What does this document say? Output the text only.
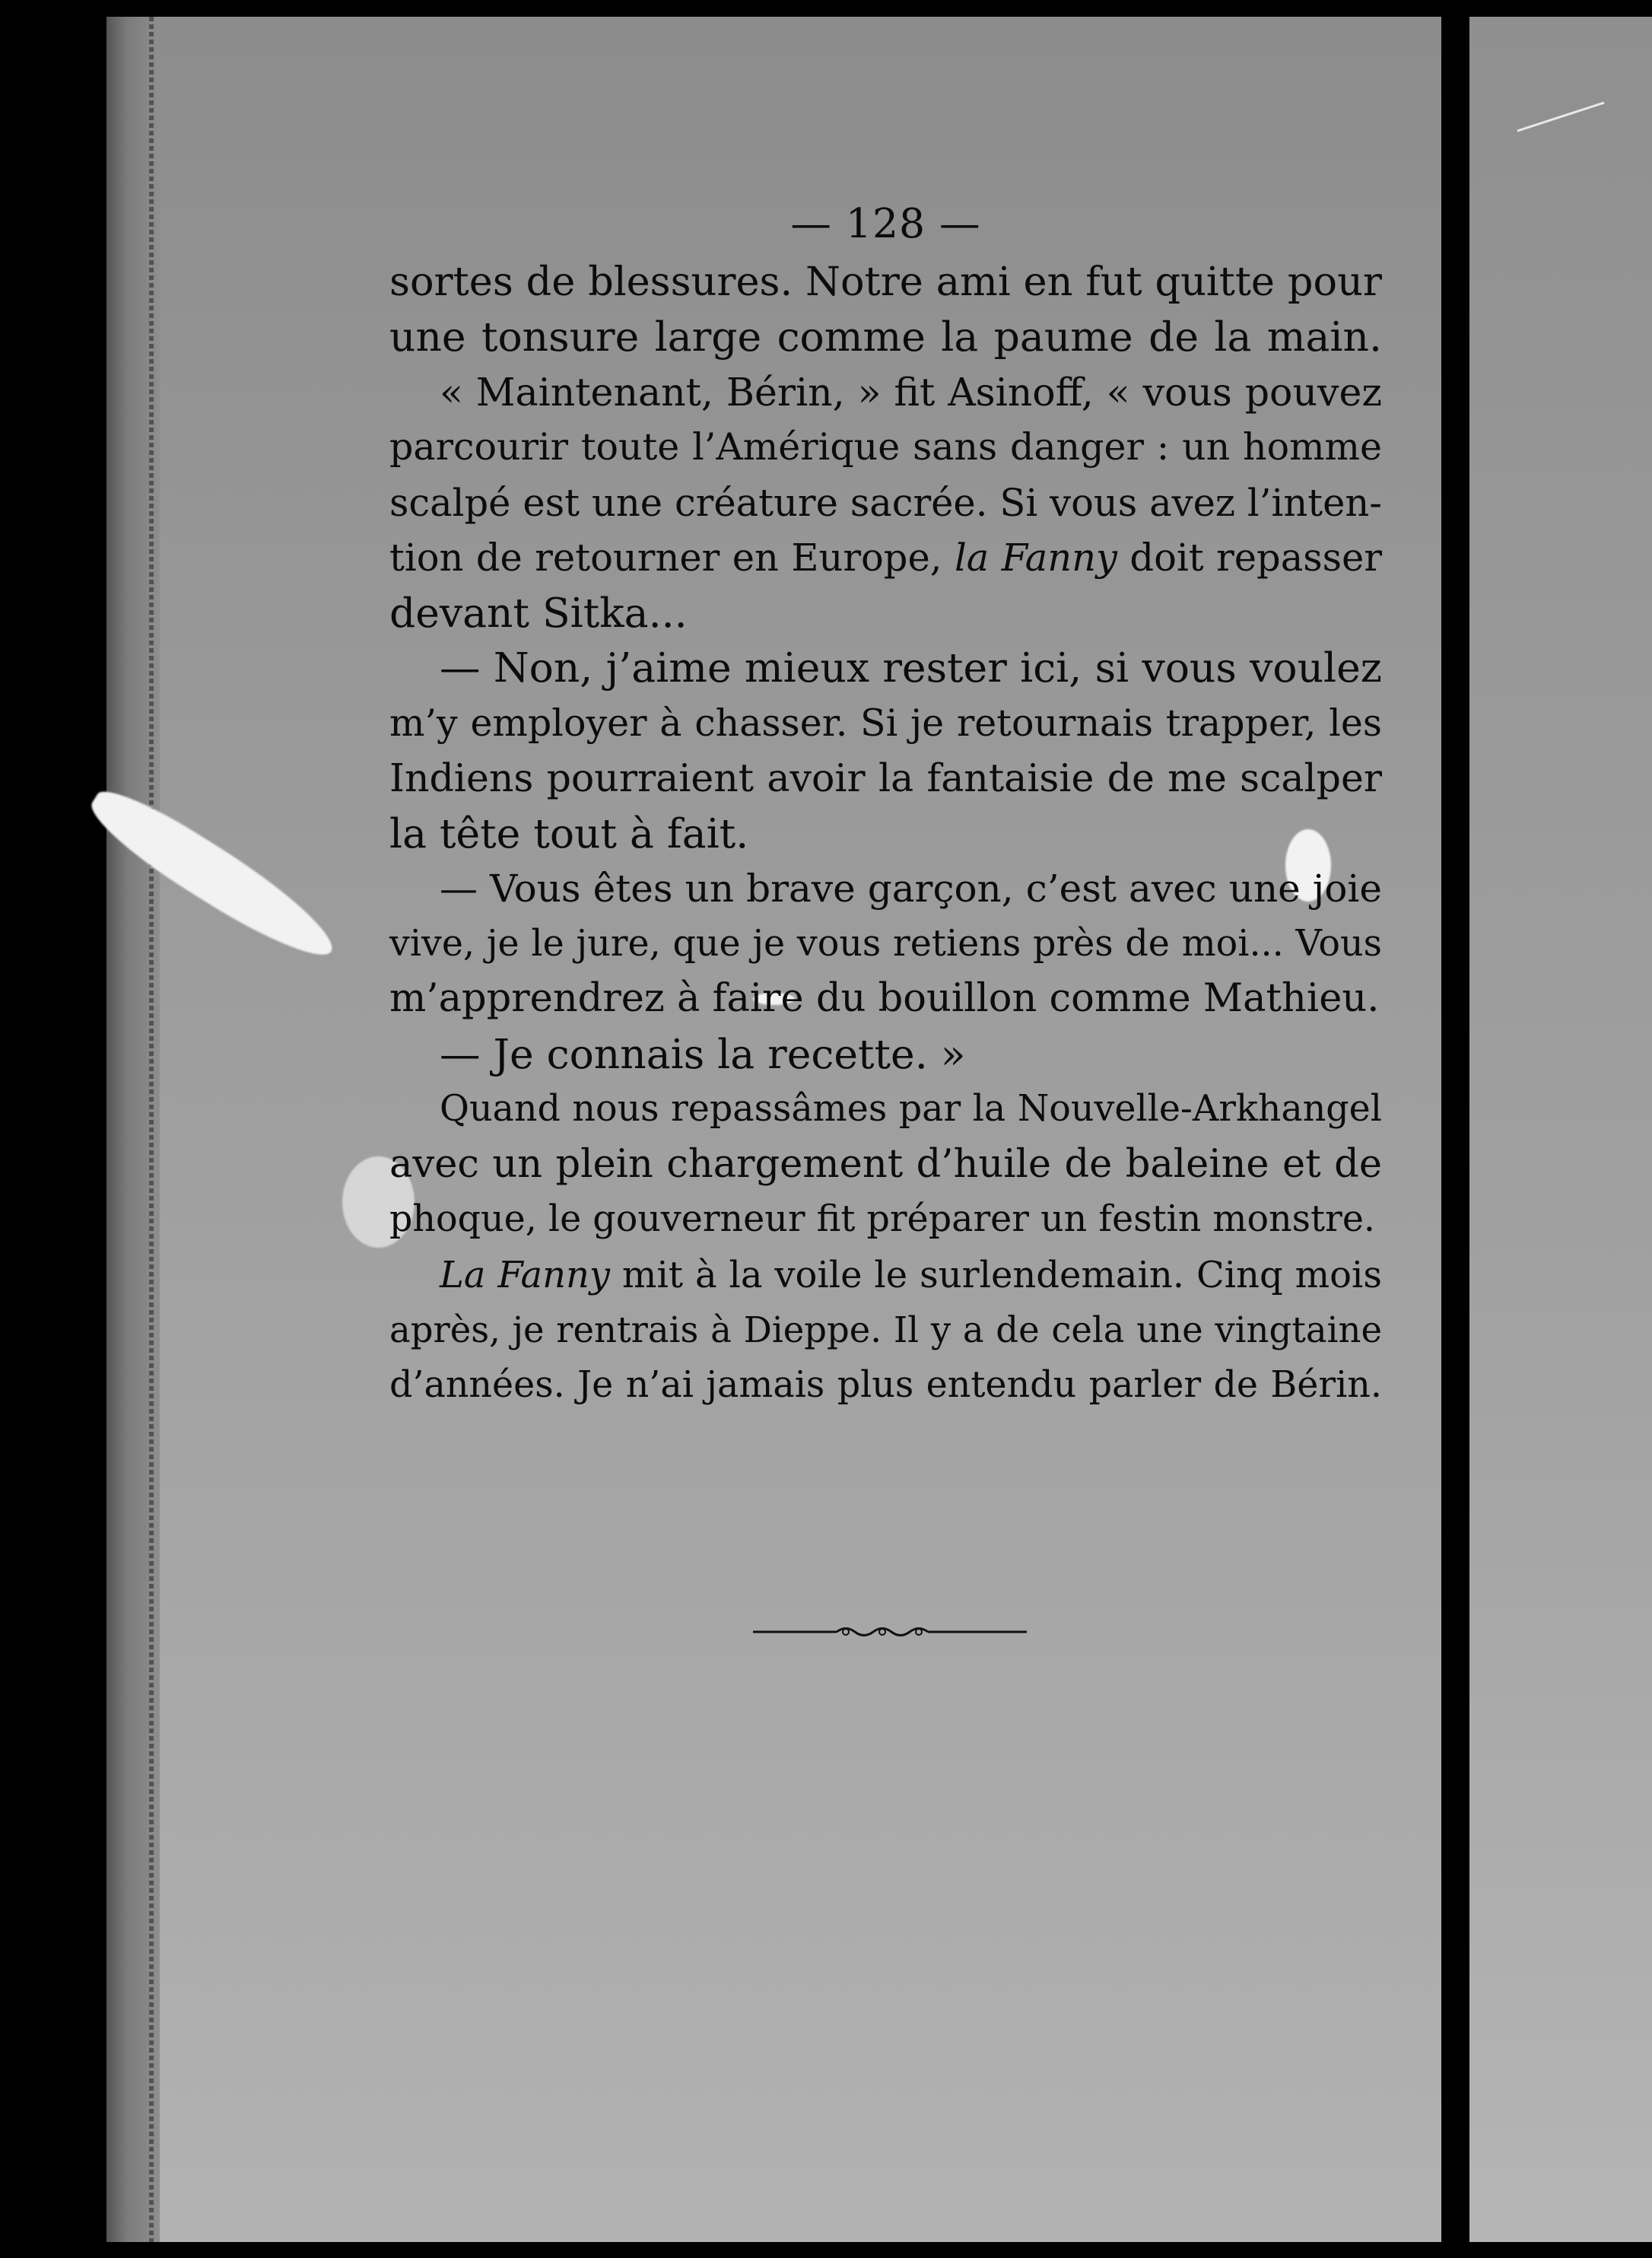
— 128 —
sortes de blessures. Notre ami en fut quitte pour
une tonsure large comme la paume de la main.
« Maintenant, Bérin, » fit Asinoff, « vous pouvez
parcourir toute l’Amérique sans danger : un homme
scalpé est une créature sacrée. Si vous avez l’inten-
tion de retourner en Europe, la Fanny doit repasser
devant Sitka...
— Non, j’aime mieux rester ici, si vous voulez
m’y employer à chasser. Si je retournais trapper, les
Indiens pourraient avoir la fantaisie de me scalper
la tête tout à fait.
— Vous êtes un brave garçon, c’est avec une joie
vive, je le jure, que je vous retiens près de moi... Vous
m’apprendrez à faire du bouillon comme Mathieu.
— Je connais la recette. »
Quand nous repassâmes par la Nouvelle-Arkhangel
avec un plein chargement d’huile de baleine et de
phoque, le gouverneur fit préparer un festin monstre.
La Fanny mit à la voile le surlendemain. Cinq mois
après, je rentrais à Dieppe. Il y a de cela une vingtaine
d’années. Je n’ai jamais plus entendu parler de Bérin.
